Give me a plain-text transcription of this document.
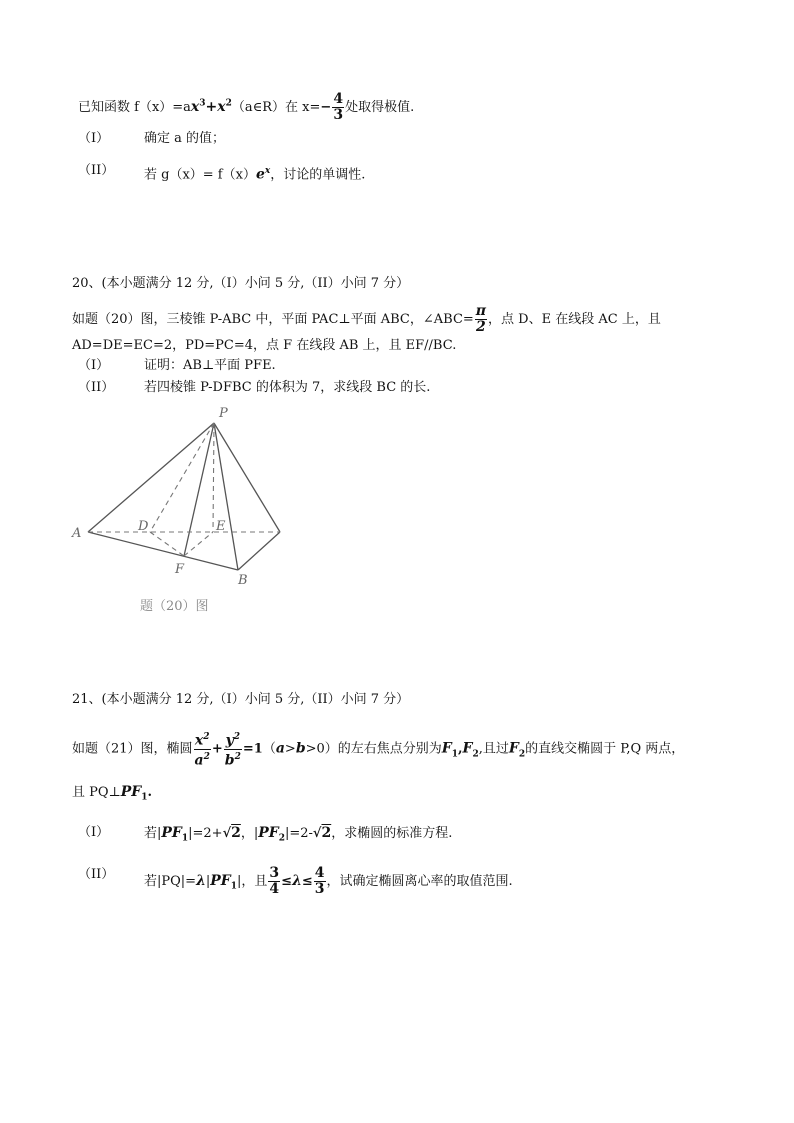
已知函数 $f(x)=ax^3+x^2(a\in R)$在 $x=- \frac{4}{3}$ 处取得极值.
（I）	确定 a 的值；
（II） 若 $g(x)= f(x)e^x$，讨论的单调性.
20、(本小题满分 12 分,（I）小问 5 分,（II）小问 7 分）
如题（20）图，三棱锥 P-ABC 中，平面 PAC⊥平面 ABC，∠ABC= $\frac{\pi}{2}$ ，点 D、E 在线段 AC 上，且
AD=DE=EC=2，PD=PC=4，点 F 在线段 AB 上，且 EF//BC.
（I）	证明：AB⊥平面 PFE.
（II） 若四棱锥 P-DFBC 的体积为 7，求线段 BC 的长.
P
A	D	E
F
B
题（20）图
21、(本小题满分 12 分,（I）小问 5 分,（II）小问 7 分）
如题（21）图，椭圆 $\frac{x^2}{a^2} + \frac{y^2}{b^2} =1(a>b>0)$的左右焦点分别为$F_1,F_2$,且过$F_2$的直线交椭圆于 P,Q 两点，
且 $PQ\perp PF_1$.
（I）	若$|PF_1|=2+√2$，$|PF_2|=2-√2$，求椭圆的标准方程.
（II） 若$|PQ|=\lambda|PF_1|$，且 $\frac{3}{4} \le\lambda\le \frac{4}{3}$ ，试确定椭圆离心率的取值范围.
